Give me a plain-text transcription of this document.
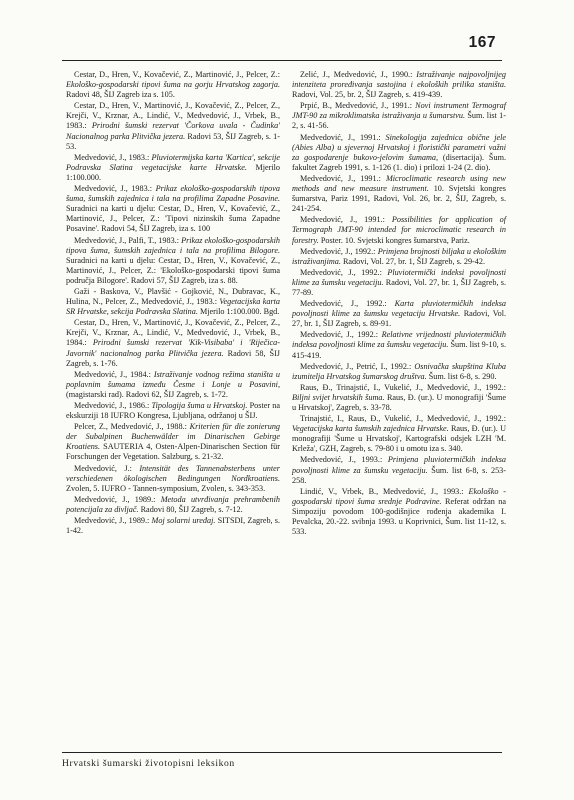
167

Cestar, D., Hren, V., Kovačević, Z., Martinović, J., Pelcer, Z.: Ekološko-gospodarski tipovi šuma na gorju Hrvatskog zagorja. Radovi 48, ŠIJ Zagreb iza s. 105.

Cestar, D., Hren, V., Martinović, J., Kovačević, Z., Pelcer, Z., Krejči, V., Krznar, A., Lindić, V., Medvedović, J., Vrbek, B., 1983.: Prirodni šumski rezervat 'Čorkova uvala - Čudinka' Nacionalnog parka Plitvička jezera. Radovi 53, ŠIJ Zagreb, s. 1-53.

Medvedović, J., 1983.: Pluviotermijska karta 'Kartica', sekcije Podravska Slatina vegetacijske karte Hrvatske. Mjerilo 1:100.000.

Medvedović, J., 1983.: Prikaz ekološko-gospodarskih tipova šuma, šumskih zajednica i tala na profilima Zapadne Posavine. Suradnici na karti u djelu: Cestar, D., Hren, V., Kovačević, Z., Martinović, J., Pelcer, Z.: 'Tipovi nizinskih šuma Zapadne Posavine'. Radovi 54, ŠIJ Zagreb, iza s. 100

Medvedović, J., Palfi, T., 1983.: Prikaz ekološko-gospodarskih tipova šuma, šumskih zajednica i tala na profilima Bilogore. Suradnici na karti u djelu: Cestar, D., Hren, V., Kovačević, Z., Martinović, J., Pelcer, Z.: 'Ekološko-gospodarski tipovi šuma područja Bilogore'. Radovi 57, ŠIJ Zagreb, iza s. 88.

Gaži - Baskova, V., Plavšić - Gojković, N., Dubravac, K., Hulina, N., Pelcer, Z., Medvedović, J., 1983.: Vegetacijska karta SR Hrvatske, sekcija Podravska Slatina. Mjerilo 1:100.000. Bgd.

Cestar, D., Hren, V., Martinović, J., Kovačević, Z., Pelcer, Z., Krejči, V., Krznar, A., Lindić, V., Medvedović, J., Vrbek, B., 1984.: Prirodni šumski rezervat 'Kik-Visibaba' i 'Riječica-Javornik' nacionalnog parka Plitvička jezera. Radovi 58, ŠIJ Zagreb, s. 1-76.

Medvedović, J., 1984.: Istraživanje vodnog režima staništa u poplavnim šumama između Česme i Lonje u Posavini, (magistarski rad). Radovi 62, ŠIJ Zagreb, s. 1-72.

Medvedović, J., 1986.: Tipologija šuma u Hrvatskoj. Poster na ekskurziji 18 IUFRO Kongresa, Ljubljana, održanoj u ŠIJ.

Pelcer, Z., Medvedović, J., 1988.: Kriterien für die zonierung der Subalpinen Buchenwälder im Dinarischen Gebirge Kroatiens. SAUTERIA 4, Osten-Alpen-Dinarischen Section für Forschungen der Vegetation. Salzburg, s. 21-32.

Medvedović, J.: Intensität des Tannenabsterbens unter verschiedenen ökologischen Bedingungen Nordkroatiens. Zvolen, 5. IUFRO - Tannen-symposium, Zvolen, s. 343-353.

Medvedović, J., 1989.: Metoda utvrđivanja prehrambenih potencijala za divljač. Radovi 80, ŠIJ Zagreb, s. 7-12.

Medvedović, J., 1989.: Moj solarni uređaj. SITSDI, Zagreb, s. 1-42.

Zelić, J., Medvedović, J., 1990.: Istraživanje najpovoljnijeg intenziteta proređivanja sastojina i ekoloških prilika staništa. Radovi, Vol. 25, br. 2, ŠIJ Zagreb, s. 419-439.

Prpić, B., Medvedović, J., 1991.: Novi instrument Termograf JMT-90 za mikroklimatska istraživanja u šumarstvu. Šum. list 1-2, s. 41-56.

Medvedović, J., 1991.: Sinekologija zajednica obične jele (Abies Alba) u sjevernoj Hrvatskoj i floristički parametri važni za gospodarenje bukovo-jelovim šumama, (disertacija). Šum. fakultet Zagreb 1991, s. 1-126 (1. dio) i prilozi 1-24 (2. dio).

Medvedović, J., 1991.: Microclimatic research using new methods and new measure instrument. 10. Svjetski kongres šumarstva, Pariz 1991, Radovi, Vol. 26, br. 2, ŠIJ, Zagreb, s. 241-254.

Medvedović, J., 1991.: Possibilities for application of Termograph JMT-90 intended for microclimatic research in forestry. Poster. 10. Svjetski kongres šumarstva, Pariz.

Medvedović, J., 1992.: Primjena brojnosti biljaka u ekološkim istraživanjima. Radovi, Vol. 27, br. 1, ŠIJ Zagreb, s. 29-42.

Medvedović, J., 1992.: Pluviotermički indeksi povoljnosti klime za šumsku vegetaciju. Radovi, Vol. 27, br. 1, ŠIJ Zagreb, s. 77-89.

Medvedović, J., 1992.: Karta pluviotermičkih indeksa povoljnosti klime za šumsku vegetaciju Hrvatske. Radovi, Vol. 27, br. 1, ŠIJ Zagreb, s. 89-91.

Medvedović, J., 1992.: Relativne vrijednosti pluviotermičkih indeksa povoljnosti klime za šumsku vegetaciju. Šum. list 9-10, s. 415-419.

Medvedović, J., Petrić, I., 1992.: Osnivačka skupština Kluba izumitelja Hrvatskog šumarskog društva. Šum. list 6-8, s. 290.

Raus, Đ., Trinajstić, I., Vukelić, J., Medvedović, J., 1992.: Biljni svijet hrvatskih šuma. Raus, Đ. (ur.). U monografiji 'Šume u Hrvatskoj', Zagreb, s. 33-78.

Trinajstić, I., Raus, Đ., Vukelić, J., Medvedović, J., 1992.: Vegetacijska karta šumskih zajednica Hrvatske. Raus, Đ. (ur.). U monografiji 'Šume u Hrvatskoj', Kartografski odsjek LZH 'M. Krleža', GZH, Zagreb, s. 79-80 i u omotu iza s. 340.

Medvedović, J., 1993.: Primjena pluviotermičkih indeksa povoljnosti klime za šumsku vegetaciju. Šum. list 6-8, s. 253-258.

Lindić, V., Vrbek, B., Medvedović, J., 1993.: Ekološko - gospodarski tipovi šuma srednje Podravine. Referat održan na Simpoziju povodom 100-godišnjice rođenja akademika I. Pevalcka, 20.-22. svibnja 1993. u Koprivnici, Šum. list 11-12, s. 533.

Hrvatski šumarski životopisni leksikon
